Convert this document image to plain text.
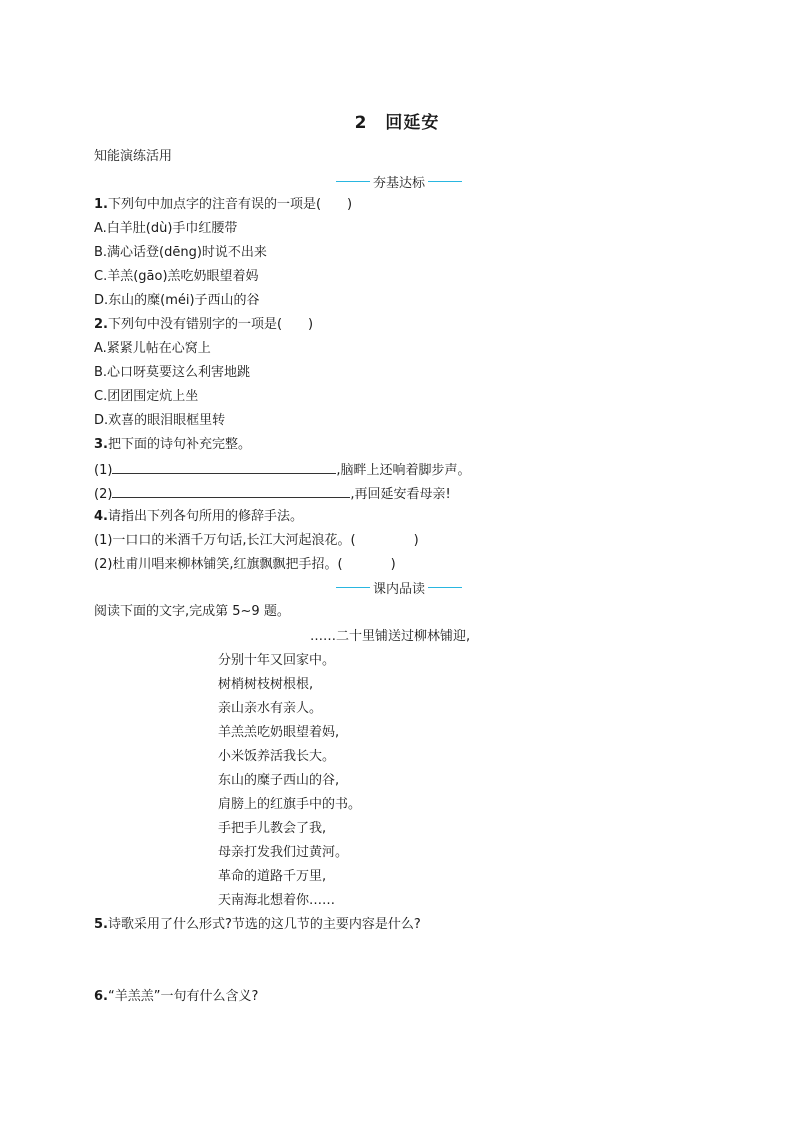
2 回延安
知能演练活用
夯基达标
1.下列句中加点字的注音有误的一项是(　　)
A.白羊肚(dù)手巾红腰带
B.满心话登(dēng)时说不出来
C.羊羔(gāo)羔吃奶眼望着妈
D.东山的糜(méi)子西山的谷
2.下列句中没有错别字的一项是(　　)
A.紧紧儿帖在心窝上
B.心口呀莫要这么利害地跳
C.团团围定炕上坐
D.欢喜的眼泪眼框里转
3.把下面的诗句补充完整。
(1)	,脑畔上还响着脚步声。
(2)	,再回延安看母亲!
4.请指出下列各句所用的修辞手法。
(1)一口口的米酒千万句话,长江大河起浪花。(	)
(2)杜甫川唱来柳林铺笑,红旗飘飘把手招。(	)
课内品读
阅读下面的文字,完成第 5~9 题。
……二十里铺送过柳林铺迎,
分别十年又回家中。
树梢树枝树根根,
亲山亲水有亲人。
羊羔羔吃奶眼望着妈,
小米饭养活我长大。
东山的糜子西山的谷,
肩膀上的红旗手中的书。
手把手儿教会了我,
母亲打发我们过黄河。
革命的道路千万里,
天南海北想着你……
5.诗歌采用了什么形式?节选的这几节的主要内容是什么?
6.“羊羔羔”一句有什么含义?
